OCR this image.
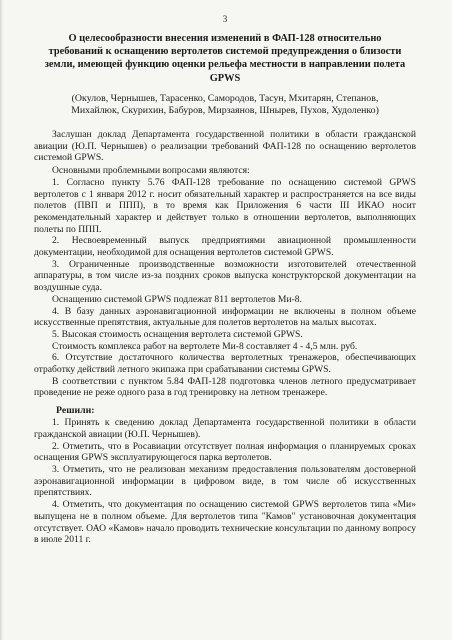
3
О целесообразности внесения изменений в ФАП-128 относительно
требований к оснащению вертолетов системой предупреждения о близости
земли, имеющей функцию оценки рельефа местности в направлении полета
GPWS
(Окулов, Чернышев, Тарасенко, Самородов, Тасун, Мхитарян, Степанов,
Михайлюк, Скурихин, Бабуров, Мирзаянов, Шнырев, Пухов, Худоленко)

Заслушан доклад Департамента государственной политики в области гражданской авиации (Ю.П. Чернышев) о реализации требований ФАП-128 по оснащению вертолетов системой GPWS.

Основными проблемными вопросами являются:

1. Согласно пункту 5.76 ФАП-128 требование по оснащению системой GPWS вертолетов с 1 января 2012 г. носит обязательный характер и распространяется на все виды полетов (ПВП и ППП), в то время как Приложения 6 части III ИКАО носит рекомендательный характер и действует только в отношении вертолетов, выполняющих полеты по ППП.

2. Несвоевременный выпуск предприятиями авиационной промышленности документации, необходимой для оснащения вертолетов системой GPWS.

3. Ограниченные производственные возможности изготовителей отечественной аппаратуры, в том числе из-за поздних сроков выпуска конструкторской документации на воздушные суда.

Оснащению системой GPWS подлежат 811 вертолетов Ми-8.

4. В базу данных аэронавигационной информации не включены в полном объеме искусственные препятствия, актуальные для полетов вертолетов на малых высотах.

5. Высокая стоимость оснащения вертолета системой GPWS.

Стоимость комплекса работ на вертолете Ми-8 составляет 4 - 4,5 млн. руб.

6. Отсутствие достаточного количества вертолетных тренажеров, обеспечивающих отработку действий летного экипажа при срабатывании системы GPWS.

В соответствии с пунктом 5.84 ФАП-128 подготовка членов летного предусматривает проведение не реже одного раза в год тренировку на летном тренажере.

Решили:

1. Принять к сведению доклад Департамента государственной политики в области гражданской авиации (Ю.П. Чернышев).

2. Отметить, что в Росавиации отсутствует полная информация о планируемых сроках оснащения GPWS эксплуатирующегося парка вертолетов.

3. Отметить, что не реализован механизм предоставления пользователям достоверной аэронавигационной информации в цифровом виде, в том числе об искусственных препятствиях.

4. Отметить, что документация по оснащению системой GPWS вертолетов типа «Ми» выпущена не в полном объеме. Для вертолетов типа "Камов" установочная документация отсутствует. ОАО «Камов» начало проводить технические консультации по данному вопросу в июле 2011 г.
